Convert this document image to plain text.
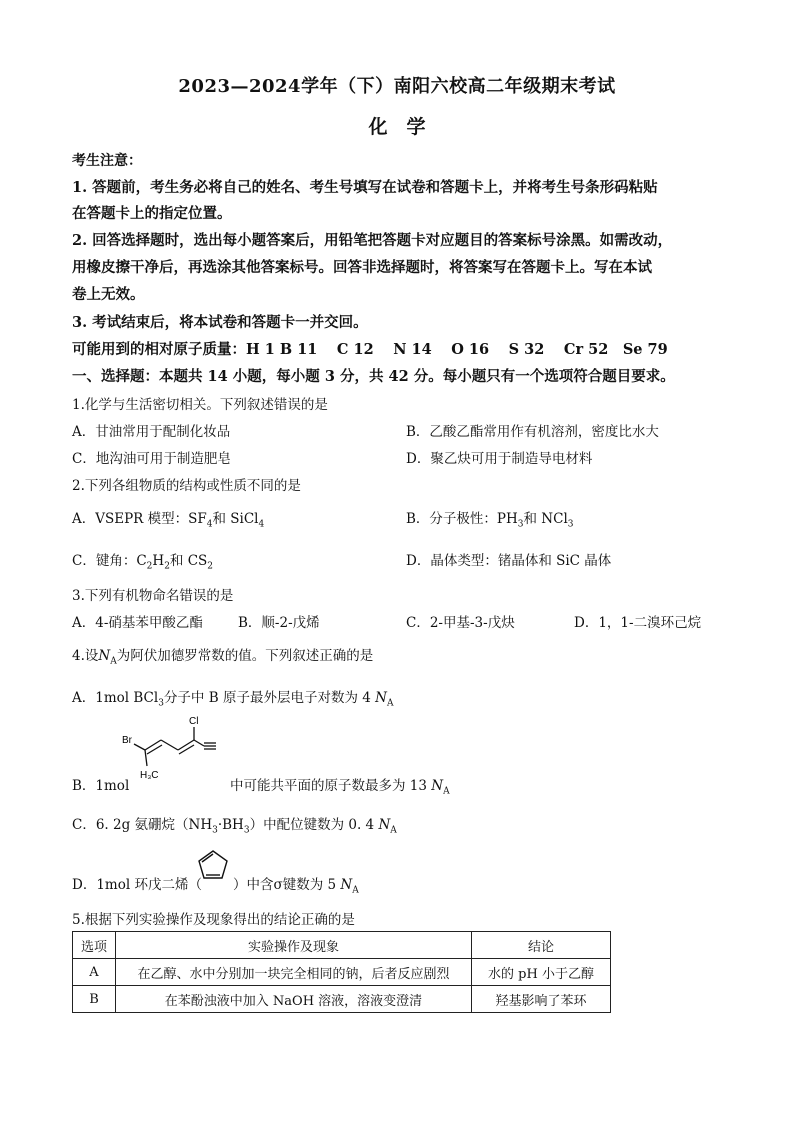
2023—2024学年（下）南阳六校高二年级期末考试
化　学
考生注意：
1. 答题前，考生务必将自己的姓名、考生号填写在试卷和答题卡上，并将考生号条形码粘贴
在答题卡上的指定位置。
2. 回答选择题时，选出每小题答案后，用铅笔把答题卡对应题目的答案标号涂黑。如需改动，
用橡皮擦干净后，再选涂其他答案标号。回答非选择题时，将答案写在答题卡上。写在本试
卷上无效。
3. 考试结束后，将本试卷和答题卡一并交回。
可能用到的相对原子质量：H 1 B 11　 C 12　 N 14　 O 16　 S 32　 Cr 52　Se 79
一、选择题：本题共 14 小题，每小题 3 分，共 42 分。每小题只有一个选项符合题目要求。
1.化学与生活密切相关。下列叙述错误的是
A．甘油常用于配制化妆品	B．乙酸乙酯常用作有机溶剂，密度比水大
C．地沟油可用于制造肥皂	D．聚乙炔可用于制造导电材料
2.下列各组物质的结构或性质不同的是
A．VSEPR 模型：$SF_4$和 SiCl$_4$	B．分子极性：$PH_3$和 NCl$_3$
C．键角：$C_2H_2$和 $CS_2$	D．晶体类型：锗晶体和 SiC 晶体
3.下列有机物命名错误的是
A．4-硝基苯甲酸乙酯	B．顺-2-戊烯	C．2-甲基-3-戊炔	D．1，1-二溴环己烷
4.设$N_A$为阿伏加德罗常数的值。下列叙述正确的是
A．1mol BCl$_3$分子中 B 原子最外层电子对数为 4 $N_A$
Br
Cl
H₃C
B．1mol	中可能共平面的原子数最多为 13 $N_A$
C．6. 2g 氨硼烷$(NH_3\cdot BH_3)$中配位键数为 0. 4 $N_A$
D．1mol 环戊二烯（ ）中含σ键数为 5 $N_A$
5.根据下列实验操作及现象得出的结论正确的是
选项	实验操作及现象	结论
A	在乙醇、水中分别加一块完全相同的钠，后者反应剧烈	水的 pH 小于乙醇
B	在苯酚浊液中加入 NaOH 溶液，溶液变澄清	羟基影响了苯环
